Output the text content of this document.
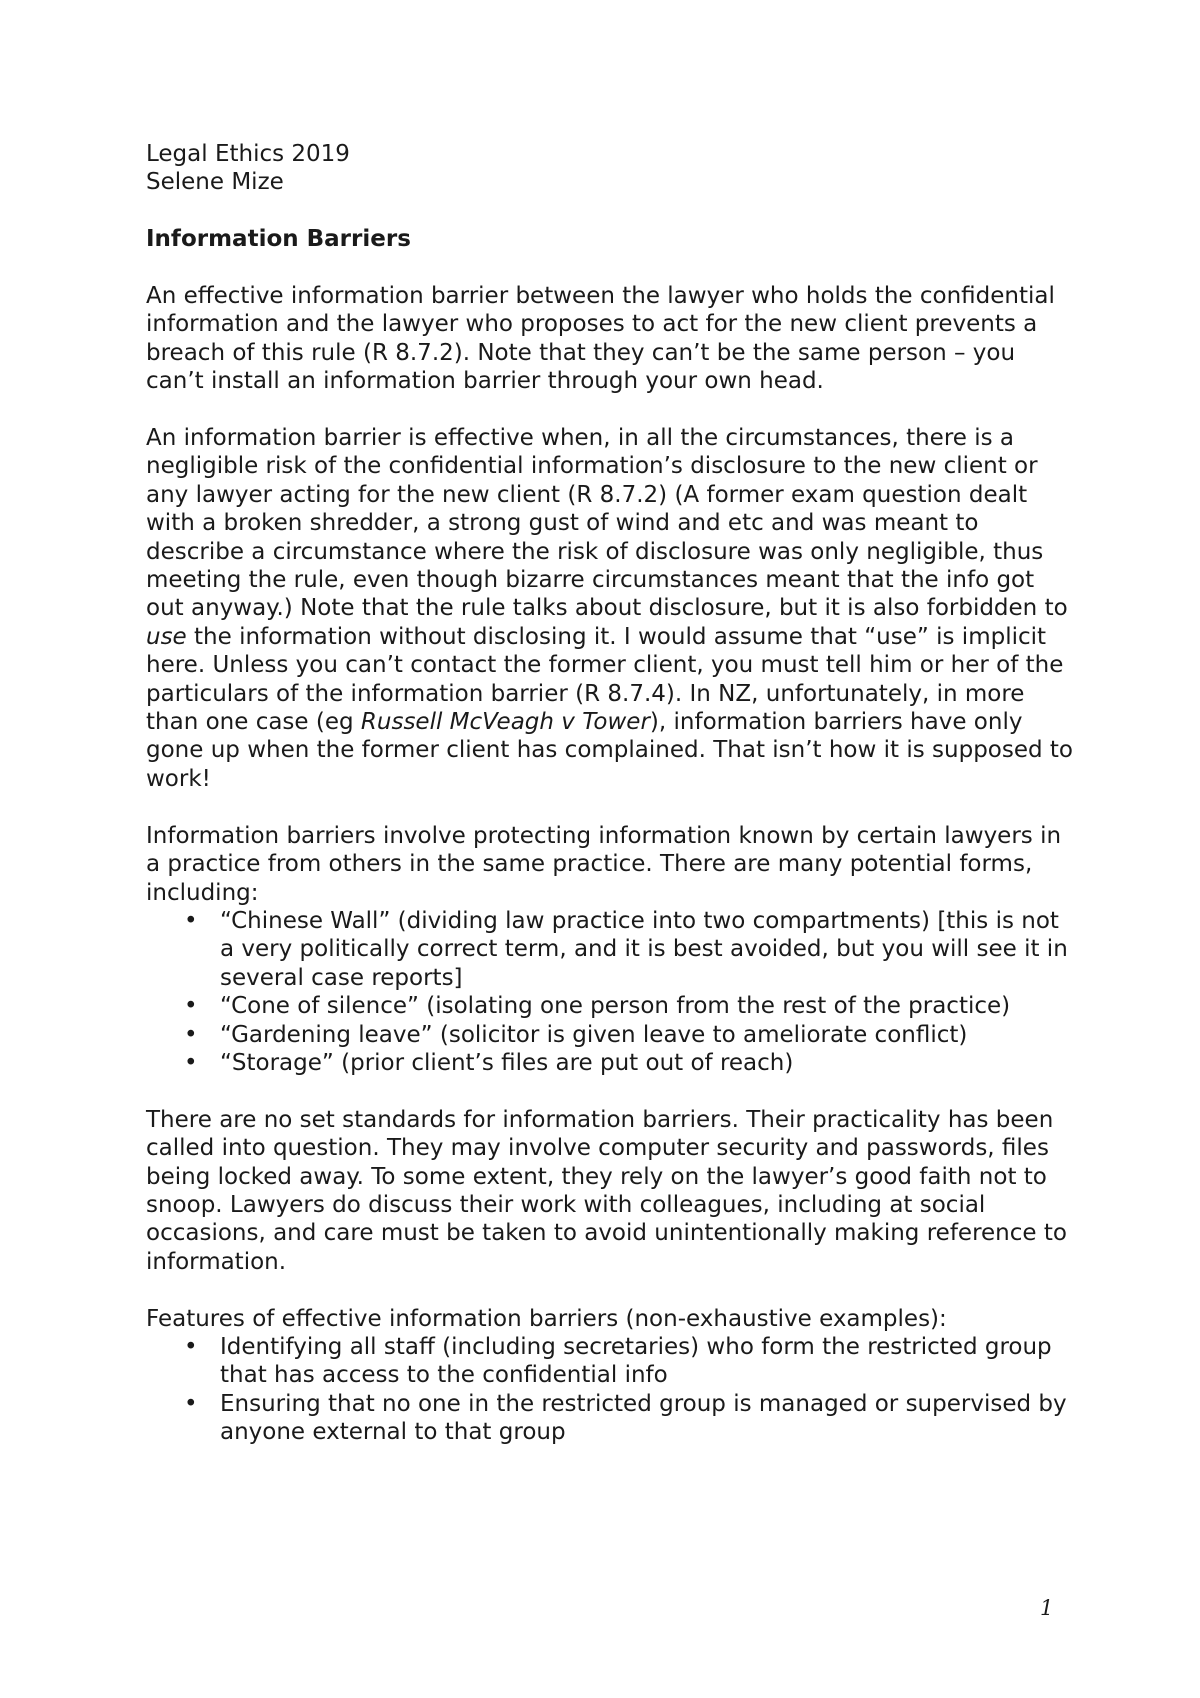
Legal Ethics 2019

Selene Mize

Information Barriers

An effective information barrier between the lawyer who holds the confidential information and the lawyer who proposes to act for the new client prevents a breach of this rule (R 8.7.2). Note that they can’t be the same person – you can’t install an information barrier through your own head.

An information barrier is effective when, in all the circumstances, there is a negligible risk of the confidential information’s disclosure to the new client or any lawyer acting for the new client (R 8.7.2) (A former exam question dealt with a broken shredder, a strong gust of wind and etc and was meant to describe a circumstance where the risk of disclosure was only negligible, thus meeting the rule, even though bizarre circumstances meant that the info got out anyway.) Note that the rule talks about disclosure, but it is also forbidden to use the information without disclosing it. I would assume that “use” is implicit here. Unless you can’t contact the former client, you must tell him or her of the particulars of the information barrier (R 8.7.4). In NZ, unfortunately, in more than one case (eg Russell McVeagh v Tower), information barriers have only gone up when the former client has complained. That isn’t how it is supposed to work!

Information barriers involve protecting information known by certain lawyers in a practice from others in the same practice. There are many potential forms, including:

• “Chinese Wall” (dividing law practice into two compartments) [this is not a very politically correct term, and it is best avoided, but you will see it in several case reports]
• “Cone of silence” (isolating one person from the rest of the practice)
• “Gardening leave” (solicitor is given leave to ameliorate conflict)
• “Storage” (prior client’s files are put out of reach)

There are no set standards for information barriers. Their practicality has been called into question. They may involve computer security and passwords, files being locked away. To some extent, they rely on the lawyer’s good faith not to snoop. Lawyers do discuss their work with colleagues, including at social occasions, and care must be taken to avoid unintentionally making reference to information.

Features of effective information barriers (non-exhaustive examples):

• Identifying all staff (including secretaries) who form the restricted group that has access to the confidential info
• Ensuring that no one in the restricted group is managed or supervised by anyone external to that group
1
